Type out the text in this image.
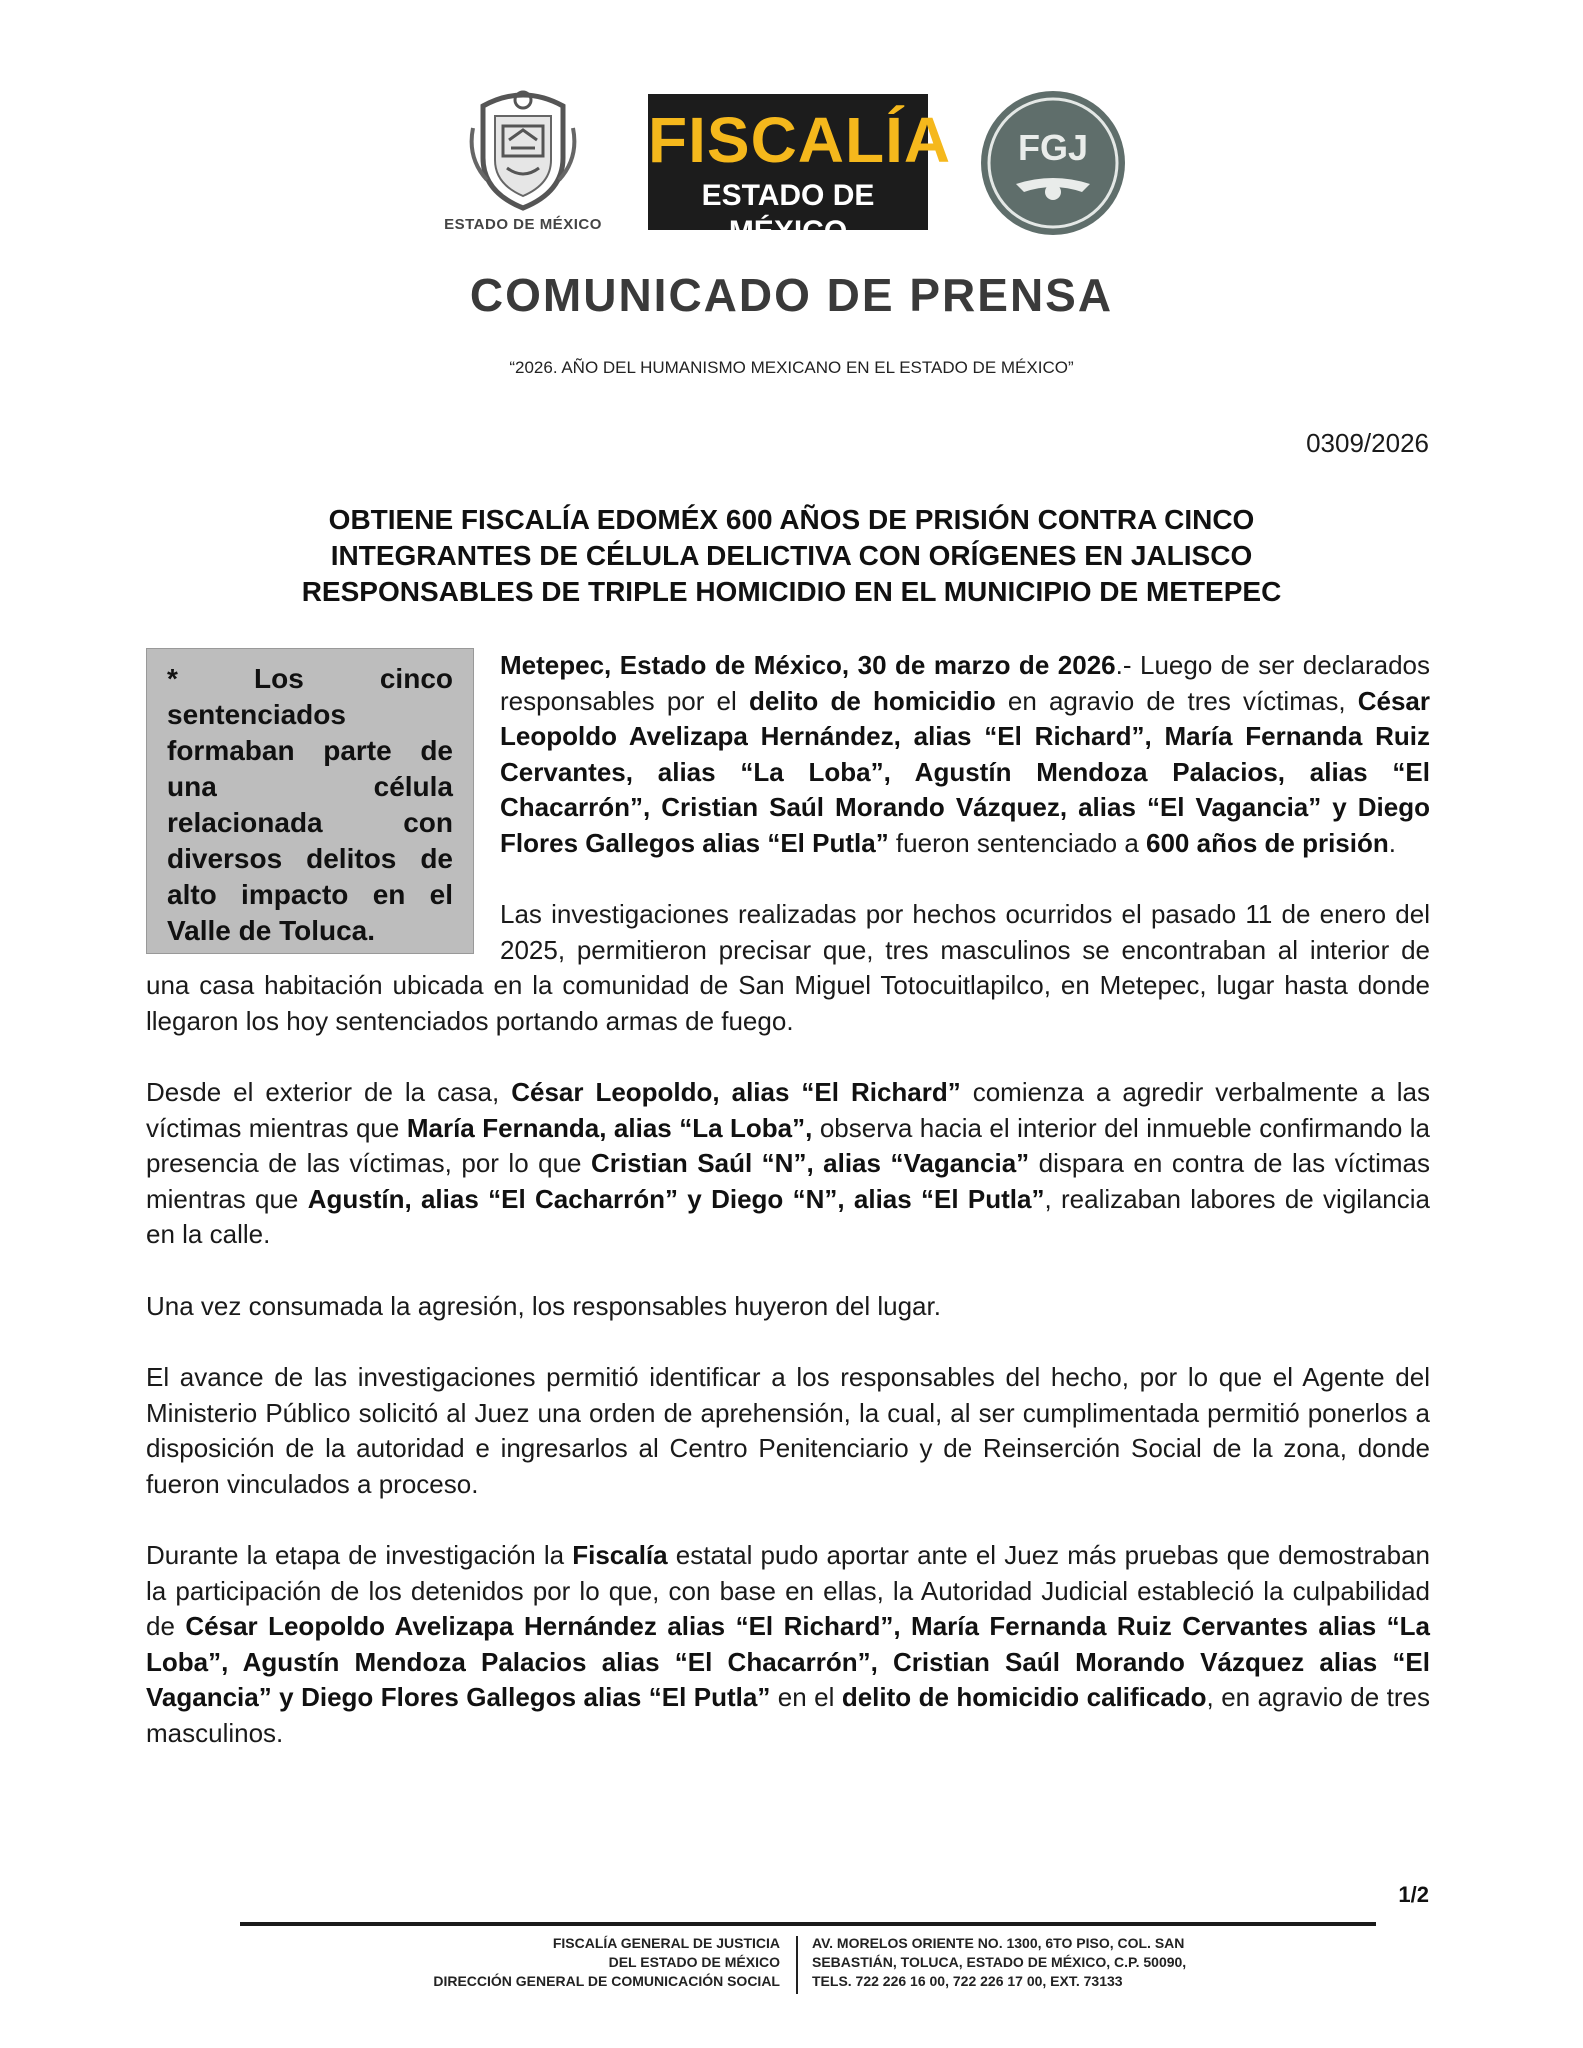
ESTADO DE MÉXICO
FISCALÍA
ESTADO DE MÉXICO
FGJ
COMUNICADO DE PRENSA
“2026. AÑO DEL HUMANISMO MEXICANO EN EL ESTADO DE MÉXICO”
0309/2026
OBTIENE FISCALÍA EDOMÉX 600 AÑOS DE PRISIÓN CONTRA CINCO
INTEGRANTES DE CÉLULA DELICTIVA CON ORÍGENES EN JALISCO
RESPONSABLES DE TRIPLE HOMICIDIO EN EL MUNICIPIO DE METEPEC
* Los cinco sentenciados formaban parte de una célula relacionada con diversos delitos de alto impacto en el Valle de Toluca.

Metepec, Estado de México, 30 de marzo de 2026.- Luego de ser declarados responsables por el delito de homicidio en agravio de tres víctimas, César Leopoldo Avelizapa Hernández, alias “El Richard”, María Fernanda Ruiz Cervantes, alias “La Loba”, Agustín Mendoza Palacios, alias “El Chacarrón”, Cristian Saúl Morando Vázquez, alias “El Vagancia” y Diego Flores Gallegos alias “El Putla” fueron sentenciado a 600 años de prisión.

Las investigaciones realizadas por hechos ocurridos el pasado 11 de enero del 2025, permitieron precisar que, tres masculinos se encontraban al interior de una casa habitación ubicada en la comunidad de San Miguel Totocuitlapilco, en Metepec, lugar hasta donde llegaron los hoy sentenciados portando armas de fuego.

Desde el exterior de la casa, César Leopoldo, alias “El Richard” comienza a agredir verbalmente a las víctimas mientras que María Fernanda, alias “La Loba”, observa hacia el interior del inmueble confirmando la presencia de las víctimas, por lo que Cristian Saúl “N”, alias “Vagancia” dispara en contra de las víctimas mientras que Agustín, alias “El Cacharrón” y Diego “N”, alias “El Putla”, realizaban labores de vigilancia en la calle.

Una vez consumada la agresión, los responsables huyeron del lugar.

El avance de las investigaciones permitió identificar a los responsables del hecho, por lo que el Agente del Ministerio Público solicitó al Juez una orden de aprehensión, la cual, al ser cumplimentada permitió ponerlos a disposición de la autoridad e ingresarlos al Centro Penitenciario y de Reinserción Social de la zona, donde fueron vinculados a proceso.

Durante la etapa de investigación la Fiscalía estatal pudo aportar ante el Juez más pruebas que demostraban la participación de los detenidos por lo que, con base en ellas, la Autoridad Judicial estableció la culpabilidad de César Leopoldo Avelizapa Hernández alias “El Richard”, María Fernanda Ruiz Cervantes alias “La Loba”, Agustín Mendoza Palacios alias “El Chacarrón”, Cristian Saúl Morando Vázquez alias “El Vagancia” y Diego Flores Gallegos alias “El Putla” en el delito de homicidio calificado, en agravio de tres masculinos.

1/2
FISCALÍA GENERAL DE JUSTICIA
DEL ESTADO DE MÉXICO
DIRECCIÓN GENERAL DE COMUNICACIÓN SOCIAL
AV. MORELOS ORIENTE NO. 1300, 6TO PISO, COL. SAN
SEBASTIÁN, TOLUCA, ESTADO DE MÉXICO, C.P. 50090,
TELS. 722 226 16 00, 722 226 17 00, EXT. 73133
